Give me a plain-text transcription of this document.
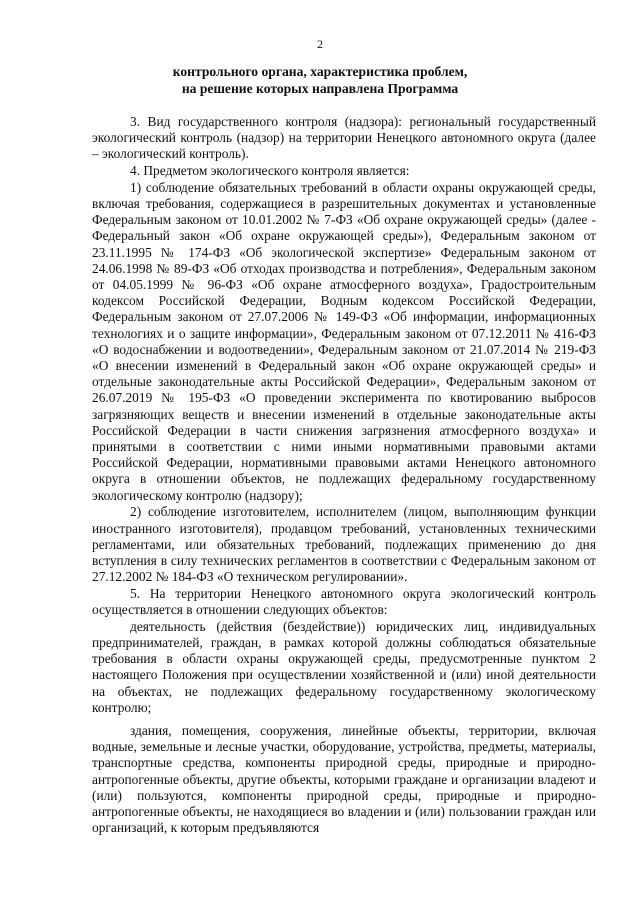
2
контрольного органа, характеристика проблем,
на решение которых направлена Программа

3. Вид государственного контроля (надзора): региональный государственный экологический контроль (надзор) на территории Ненецкого автономного округа (далее – экологический контроль).

4. Предметом экологического контроля является:

1) соблюдение обязательных требований в области охраны окружающей среды, включая требования, содержащиеся в разрешительных документах и установленные Федеральным законом от 10.01.2002 № 7-ФЗ «Об охране окружающей среды» (далее - Федеральный закон «Об охране окружающей среды»), Федеральным законом от 23.11.1995 № 174-ФЗ «Об экологической экспертизе» Федеральным законом от 24.06.1998 № 89-ФЗ «Об отходах производства и потребления», Федеральным законом от 04.05.1999 № 96-ФЗ «Об охране атмосферного воздуха», Градостроительным кодексом Российской Федерации, Водным кодексом Российской Федерации, Федеральным законом от 27.07.2006 № 149-ФЗ «Об информации, информационных технологиях и о защите информации», Федеральным законом от 07.12.2011 № 416-ФЗ «О водоснабжении и водоотведении», Федеральным законом от 21.07.2014 № 219-ФЗ «О внесении изменений в Федеральный закон «Об охране окружающей среды» и отдельные законодательные акты Российской Федерации», Федеральным законом от 26.07.2019 № 195-ФЗ «О проведении эксперимента по квотированию выбросов загрязняющих веществ и внесении изменений в отдельные законодательные акты Российской Федерации в части снижения загрязнения атмосферного воздуха» и принятыми в соответствии с ними иными нормативными правовыми актами Российской Федерации, нормативными правовыми актами Ненецкого автономного округа в отношении объектов, не подлежащих федеральному государственному экологическому контролю (надзору);

2) соблюдение изготовителем, исполнителем (лицом, выполняющим функции иностранного изготовителя), продавцом требований, установленных техническими регламентами, или обязательных требований, подлежащих применению до дня вступления в силу технических регламентов в соответствии с Федеральным законом от 27.12.2002 № 184-ФЗ «О техническом регулировании».

5. На территории Ненецкого автономного округа экологический контроль осуществляется в отношении следующих объектов:

деятельность (действия (бездействие)) юридических лиц, индивидуальных предпринимателей, граждан, в рамках которой должны соблюдаться обязательные требования в области охраны окружающей среды, предусмотренные пунктом 2 настоящего Положения при осуществлении хозяйственной и (или) иной деятельности на объектах, не подлежащих федеральному государственному экологическому контролю;

здания, помещения, сооружения, линейные объекты, территории, включая водные, земельные и лесные участки, оборудование, устройства, предметы, материалы, транспортные средства, компоненты природной среды, природные и природно-антропогенные объекты, другие объекты, которыми граждане и организации владеют и (или) пользуются, компоненты природной среды, природные и природно-антропогенные объекты, не находящиеся во владении и (или) пользовании граждан или организаций, к которым предъявляются
